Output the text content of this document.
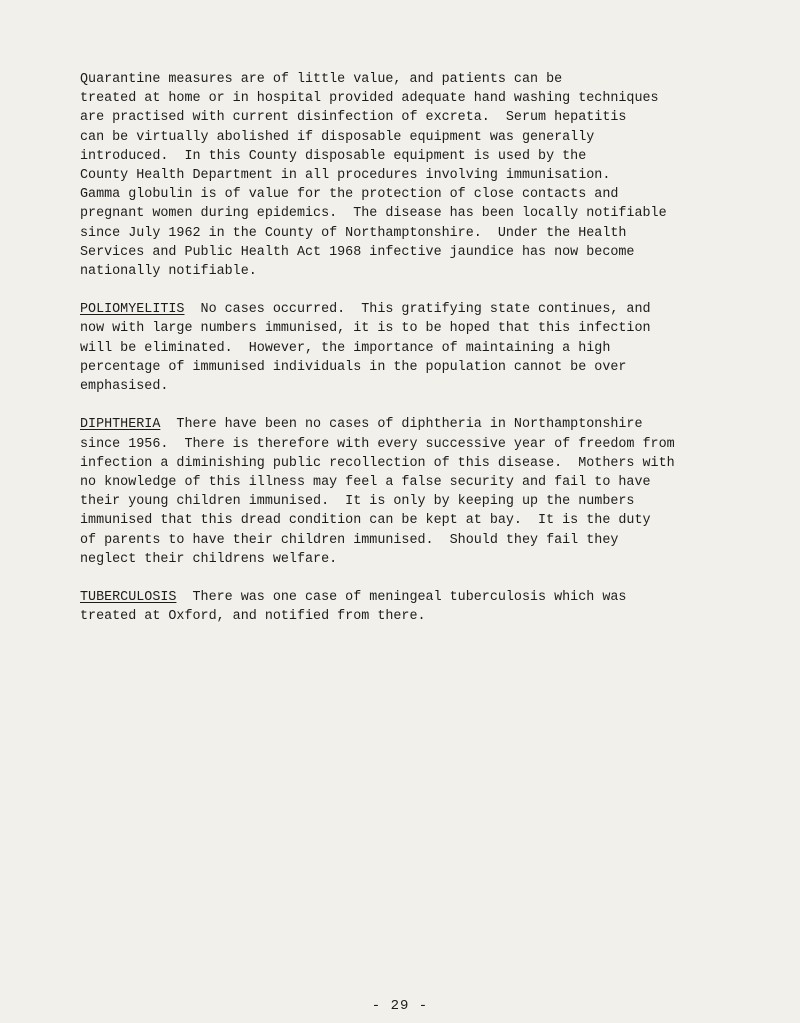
Quarantine measures are of little value, and patients can be
treated at home or in hospital provided adequate hand washing techniques
are practised with current disinfection of excreta.  Serum hepatitis
can be virtually abolished if disposable equipment was generally
introduced.  In this County disposable equipment is used by the
County Health Department in all procedures involving immunisation.
Gamma globulin is of value for the protection of close contacts and
pregnant women during epidemics.  The disease has been locally notifiable
since July 1962 in the County of Northamptonshire.  Under the Health
Services and Public Health Act 1968 infective jaundice has now become
nationally notifiable.
POLIOMYELITIS  No cases occurred.  This gratifying state continues, and
now with large numbers immunised, it is to be hoped that this infection
will be eliminated.  However, the importance of maintaining a high
percentage of immunised individuals in the population cannot be over
emphasised.
DIPHTHERIA  There have been no cases of diphtheria in Northamptonshire
since 1956.  There is therefore with every successive year of freedom from
infection a diminishing public recollection of this disease.  Mothers with
no knowledge of this illness may feel a false security and fail to have
their young children immunised.  It is only by keeping up the numbers
immunised that this dread condition can be kept at bay.  It is the duty
of parents to have their children immunised.  Should they fail they
neglect their childrens welfare.
TUBERCULOSIS  There was one case of meningeal tuberculosis which was
treated at Oxford, and notified from there.
- 29 -
